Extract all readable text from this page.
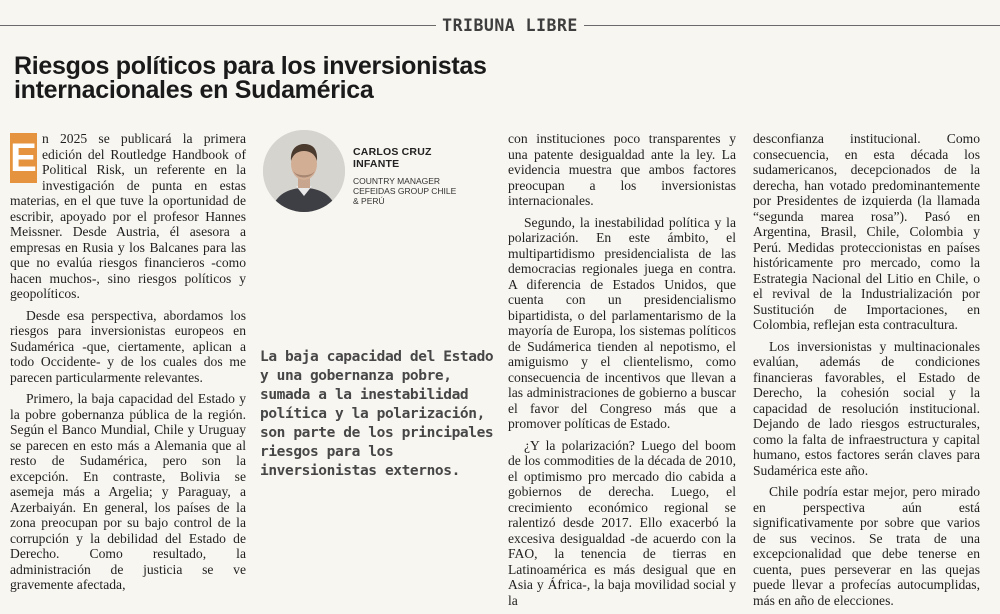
TRIBUNA LIBRE
Riesgos políticos para los inversionistas internacionales en Sudamérica

E n 2025 se publicará la primera edición del Routledge Handbook of Political Risk, un referente en la investigación de punta en estas materias, en el que tuve la oportunidad de escribir, apoyado por el profesor Hannes Meissner. Desde Austria, él asesora a empresas en Rusia y los Balcanes para las que no evalúa riesgos financieros -como hacen muchos-, sino riesgos políticos y geopolíticos.

Desde esa perspectiva, abordamos los riesgos para inversionistas europeos en Sudamérica -que, ciertamente, aplican a todo Occidente- y de los cuales dos me parecen particularmente relevantes.

Primero, la baja capacidad del Estado y la pobre gobernanza pública de la región. Según el Banco Mundial, Chile y Uruguay se parecen en esto más a Alemania que al resto de Sudamérica, pero son la excepción. En contraste, Bolivia se asemeja más a Argelia; y Paraguay, a Azerbaiyán. En general, los países de la zona preocupan por su bajo control de la corrupción y la debilidad del Estado de Derecho. Como resultado, la administración de justicia se ve gravemente afectada,

CARLOS CRUZ
INFANTE
COUNTRY MANAGER
CEFEIDAS GROUP CHILE
& PERÚ

La baja capacidad del Estado y una gobernanza pobre, sumada a la inestabilidad política y la polarización, son parte de los principales riesgos para los inversionistas externos.

con instituciones poco transparentes y una patente desigualdad ante la ley. La evidencia muestra que ambos factores preocupan a los inversionistas internacionales.

Segundo, la inestabilidad política y la polarización. En este ámbito, el multipartidismo presidencialista de las democracias regionales juega en contra. A diferencia de Estados Unidos, que cuenta con un presidencialismo bipartidista, o del parlamentarismo de la mayoría de Europa, los sistemas políticos de Sudámerica tienden al nepotismo, el amiguismo y el clientelismo, como consecuencia de incentivos que llevan a las administraciones de gobierno a buscar el favor del Congreso más que a promover políticas de Estado.

¿Y la polarización? Luego del boom de los commodities de la década de 2010, el optimismo pro mercado dio cabida a gobiernos de derecha. Luego, el crecimiento económico regional se ralentizó desde 2017. Ello exacerbó la excesiva desigualdad -de acuerdo con la FAO, la tenencia de tierras en Latinoamérica es más desigual que en Asia y África-, la baja movilidad social y la

desconfianza institucional. Como consecuencia, en esta década los sudamericanos, decepcionados de la derecha, han votado predominantemente por Presidentes de izquierda (la llamada “segunda marea rosa”). Pasó en Argentina, Brasil, Chile, Colombia y Perú. Medidas proteccionistas en países históricamente pro mercado, como la Estrategia Nacional del Litio en Chile, o el revival de la Industrialización por Sustitución de Importaciones, en Colombia, reflejan esta contracultura.

Los inversionistas y multinacionales evalúan, además de condiciones financieras favorables, el Estado de Derecho, la cohesión social y la capacidad de resolución institucional. Dejando de lado riesgos estructurales, como la falta de infraestructura y capital humano, estos factores serán claves para Sudamérica este año.

Chile podría estar mejor, pero mirado en perspectiva aún está significativamente por sobre que varios de sus vecinos. Se trata de una excepcionalidad que debe tenerse en cuenta, pues perseverar en las quejas puede llevar a profecías autocumplidas, más en año de elecciones.
